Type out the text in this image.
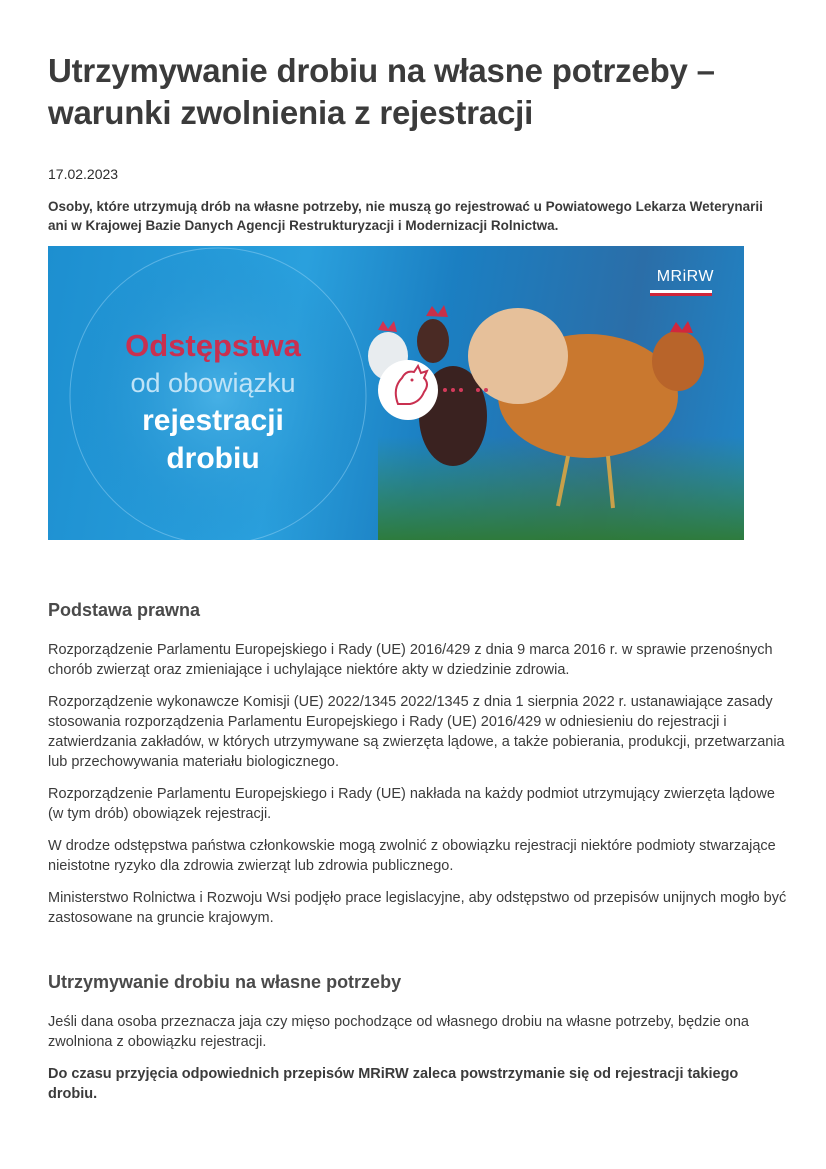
Utrzymywanie drobiu na własne potrzeby – warunki zwolnienia z rejestracji
17.02.2023
Osoby, które utrzymują drób na własne potrzeby, nie muszą go rejestrować u Powiatowego Lekarza Weterynarii ani w Krajowej Bazie Danych Agencji Restrukturyzacji i Modernizacji Rolnictwa.
MRiRW
Odstępstwa
od obowiązku
rejestracji
drobiu
Podstawa prawna

Rozporządzenie Parlamentu Europejskiego i Rady (UE) 2016/429 z dnia 9 marca 2016 r. w sprawie przenośnych chorób zwierząt oraz zmieniające i uchylające niektóre akty w dziedzinie zdrowia.

Rozporządzenie wykonawcze Komisji (UE) 2022/1345 2022/1345 z dnia 1 sierpnia 2022 r. ustanawiające zasady stosowania rozporządzenia Parlamentu Europejskiego i Rady (UE) 2016/429 w odniesieniu do rejestracji i zatwierdzania zakładów, w których utrzymywane są zwierzęta lądowe, a także pobierania, produkcji, przetwarzania lub przechowywania materiału biologicznego.

Rozporządzenie Parlamentu Europejskiego i Rady (UE) nakłada na każdy podmiot utrzymujący zwierzęta lądowe (w tym drób) obowiązek rejestracji.

W drodze odstępstwa państwa członkowskie mogą zwolnić z obowiązku rejestracji niektóre podmioty stwarzające nieistotne ryzyko dla zdrowia zwierząt lub zdrowia publicznego.

Ministerstwo Rolnictwa i Rozwoju Wsi podjęło prace legislacyjne, aby odstępstwo od przepisów unijnych mogło być zastosowane na gruncie krajowym.

Utrzymywanie drobiu na własne potrzeby

Jeśli dana osoba przeznacza jaja czy mięso pochodzące od własnego drobiu na własne potrzeby, będzie ona zwolniona z obowiązku rejestracji.

Do czasu przyjęcia odpowiednich przepisów MRiRW zaleca powstrzymanie się od rejestracji takiego drobiu.
